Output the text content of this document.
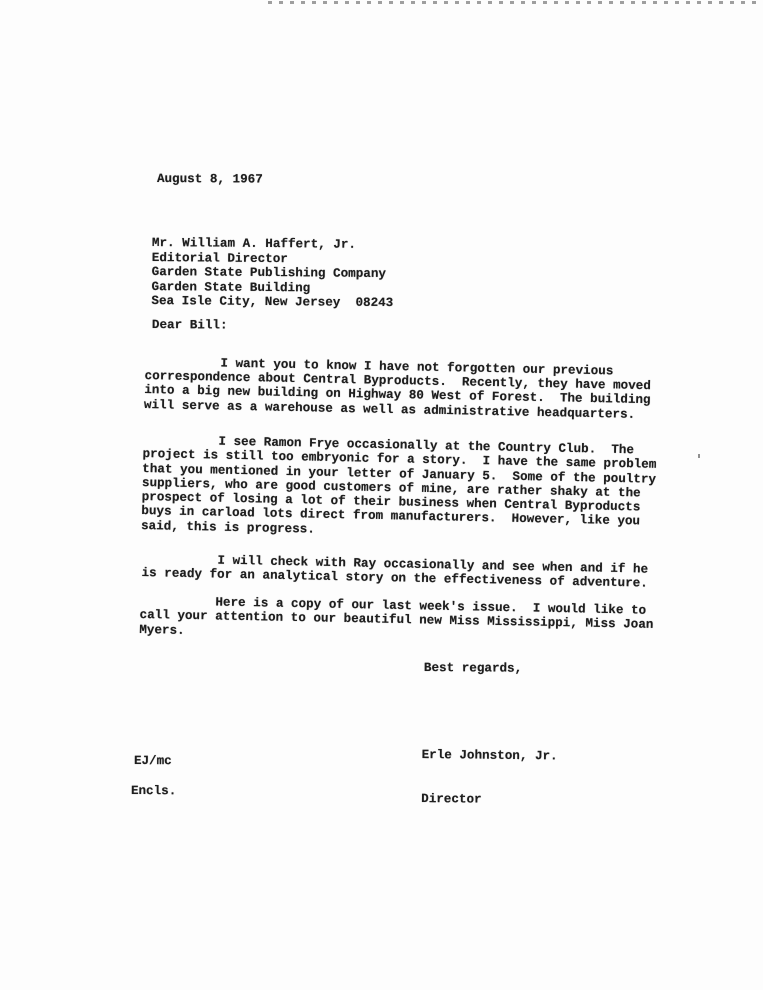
August 8, 1967
Mr. William A. Haffert, Jr.
Editorial Director
Garden State Publishing Company
Garden State Building
Sea Isle City, New Jersey  08243
Dear Bill:
I want you to know I have not forgotten our previous
correspondence about Central Byproducts.  Recently, they have moved
into a big new building on Highway 80 West of Forest.  The building
will serve as a warehouse as well as administrative headquarters.
I see Ramon Frye occasionally at the Country Club.  The
project is still too embryonic for a story.  I have the same problem
that you mentioned in your letter of January 5.  Some of the poultry
suppliers, who are good customers of mine, are rather shaky at the
prospect of losing a lot of their business when Central Byproducts
buys in carload lots direct from manufacturers.  However, like you
said, this is progress.
I will check with Ray occasionally and see when and if he
is ready for an analytical story on the effectiveness of adventure.
Here is a copy of our last week's issue.  I would like to
call your attention to our beautiful new Miss Mississippi, Miss Joan
Myers.
Best regards,

Erle Johnston, Jr.

Director

EJ/mc
Encls.
